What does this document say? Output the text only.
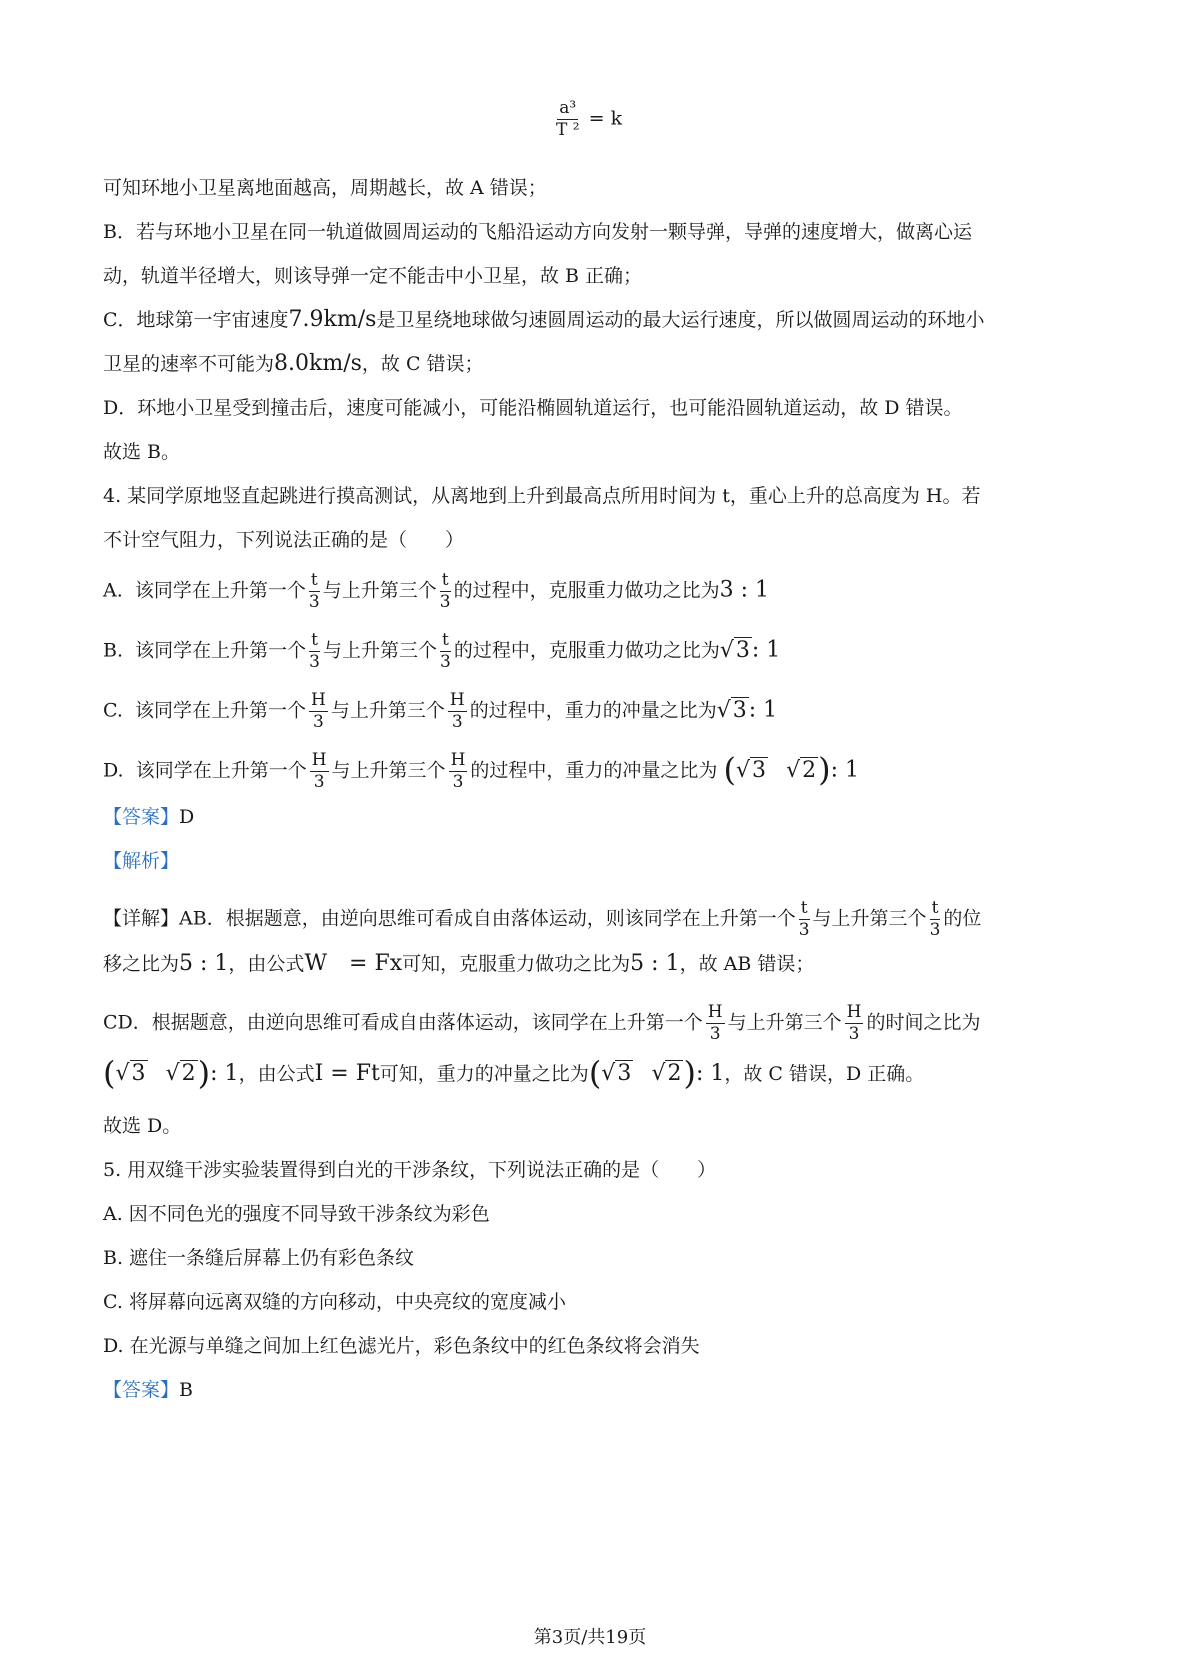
$\frac{\text{a³}}{\text{T ²}} = k$
可知环地小卫星离地面越高，周期越长，故 A 错误；
B．若与环地小卫星在同一轨道做圆周运动的飞船沿运动方向发射一颗导弹，导弹的速度增大，做离心运
动，轨道半径增大，则该导弹一定不能击中小卫星，故 B 正确；
C．地球第一宇宙速度7.9km/s是卫星绕地球做匀速圆周运动的最大运行速度，所以做圆周运动的环地小
卫星的速率不可能为8.0km/s，故 C 错误；
D．环地小卫星受到撞击后，速度可能减小，可能沿椭圆轨道运行，也可能沿圆轨道运动，故 D 错误。
故选 B。
4. 某同学原地竖直起跳进行摸高测试，从离地到上升到最高点所用时间为 t，重心上升的总高度为 H。若
不计空气阻力，下列说法正确的是（　　）
A. 该同学在上升第一个 $\frac{t}{3}$ 与上升第三个 $\frac{t}{3}$ 的过程中，克服重力做功之比为3 : 1
B. 该同学在上升第一个 $\frac{t}{3}$ 与上升第三个 $\frac{t}{3}$ 的过程中，克服重力做功之比为√3: 1
C. 该同学在上升第一个 $\frac{H}{3}$ 与上升第三个 $\frac{H}{3}$ 的过程中，重力的冲量之比为√3: 1
D. 该同学在上升第一个 $\frac{H}{3}$ 与上升第三个 $\frac{H}{3}$ 的过程中，重力的冲量之比为 (√3 √2): 1
【答案】D
【解析】
【详解】AB．根据题意，由逆向思维可看成自由落体运动，则该同学在上升第一个 $\frac{t}{3}$ 与上升第三个 $\frac{t}{3}$ 的位
移之比为5 : 1，由公式W　= Fx可知，克服重力做功之比为5 : 1，故 AB 错误；
CD．根据题意，由逆向思维可看成自由落体运动，该同学在上升第一个 $\frac{H}{3}$ 与上升第三个 $\frac{H}{3}$ 的时间之比为
(√3 √2): 1，由公式I = Ft可知，重力的冲量之比为(√3 √2): 1，故 C 错误，D 正确。
故选 D。
5. 用双缝干涉实验装置得到白光的干涉条纹，下列说法正确的是（　　）
A. 因不同色光的强度不同导致干涉条纹为彩色
B. 遮住一条缝后屏幕上仍有彩色条纹
C. 将屏幕向远离双缝的方向移动，中央亮纹的宽度减小
D. 在光源与单缝之间加上红色滤光片，彩色条纹中的红色条纹将会消失
【答案】B
第3页/共19页
